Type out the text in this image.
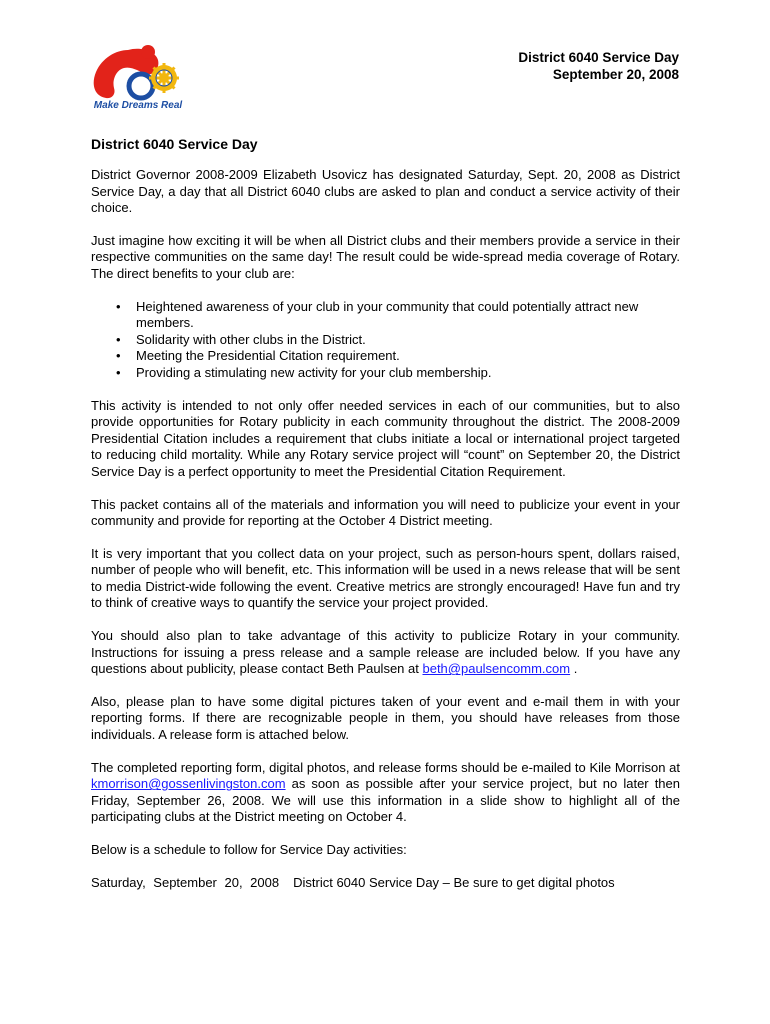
Make Dreams Real
District 6040 Service Day
September 20, 2008
District 6040 Service Day

District Governor 2008-2009 Elizabeth Usovicz has designated Saturday, Sept. 20, 2008 as District Service Day, a day that all District 6040 clubs are asked to plan and conduct a service activity of their choice.

Just imagine how exciting it will be when all District clubs and their members provide a service in their respective communities on the same day! The result could be wide-spread media coverage of Rotary. The direct benefits to your club are:

• Heightened awareness of your club in your community that could potentially attract new members.
• Solidarity with other clubs in the District.
• Meeting the Presidential Citation requirement.
• Providing a stimulating new activity for your club membership.

This activity is intended to not only offer needed services in each of our communities, but to also provide opportunities for Rotary publicity in each community throughout the district. The 2008-2009 Presidential Citation includes a requirement that clubs initiate a local or international project targeted to reducing child mortality. While any Rotary service project will “count” on September 20, the District Service Day is a perfect opportunity to meet the Presidential Citation Requirement.

This packet contains all of the materials and information you will need to publicize your event in your community and provide for reporting at the October 4 District meeting.

It is very important that you collect data on your project, such as person-hours spent, dollars raised, number of people who will benefit, etc. This information will be used in a news release that will be sent to media District-wide following the event. Creative metrics are strongly encouraged! Have fun and try to think of creative ways to quantify the service your project provided.

You should also plan to take advantage of this activity to publicize Rotary in your community. Instructions for issuing a press release and a sample release are included below. If you have any questions about publicity, please contact Beth Paulsen at beth@paulsencomm.com .

Also, please plan to have some digital pictures taken of your event and e-mail them in with your reporting forms. If there are recognizable people in them, you should have releases from those individuals. A release form is attached below.

The completed reporting form, digital photos, and release forms should be e-mailed to Kile Morrison at kmorrison@gossenlivingston.com as soon as possible after your service project, but no later then Friday, September 26, 2008. We will use this information in a slide show to highlight all of the participating clubs at the District meeting on October 4.

Below is a schedule to follow for Service Day activities:

Saturday, September 20, 2008 District 6040 Service Day – Be sure to get digital photos
